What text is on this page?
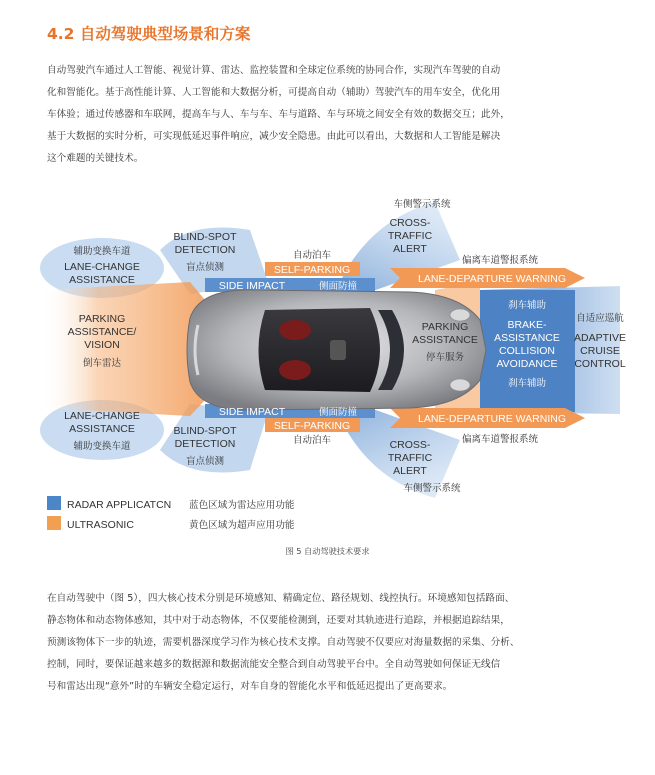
4.2 自动驾驶典型场景和方案
自动驾驶汽车通过人工智能、视觉计算、雷达、监控装置和全球定位系统的协同合作，实现汽车驾驶的自动
化和智能化。基于高性能计算、人工智能和大数据分析，可提高自动（辅助）驾驶汽车的用车安全，优化用
车体验；通过传感器和车联网，提高车与人、车与车、车与道路、车与环境之间安全有效的数据交互；此外，
基于大数据的实时分析，可实现低延迟事件响应，减少安全隐患。由此可以看出，大数据和人工智能是解决
这个难题的关键技术。
辅助变换车道
LANE-CHANGE
ASSISTANCE
BLIND-SPOT
DETECTION
盲点侦测
自动泊车
SELF-PARKING
SIDE IMPACT	侧面防撞
车侧警示系统
CROSS-
TRAFFIC
ALERT
偏离车道警报系统
LANE-DEPARTURE WARNING
PARKING
ASSISTANCE/
VISION
倒车雷达
PARKING
ASSISTANCE
停车服务
刹车辅助
BRAKE-
ASSISTANCE
COLLISION
AVOIDANCE
刹车辅助
自适应巡航
ADAPTIVE
CRUISE
CONTROL
SIDE IMPACT	侧面防撞
SELF-PARKING
自动泊车
LANE-DEPARTURE WARNING
偏离车道警报系统
LANE-CHANGE
ASSISTANCE
辅助变换车道
BLIND-SPOT
DETECTION
盲点侦测
CROSS-
TRAFFIC
ALERT
车侧警示系统
RADAR APPLICATCN 蓝色区域为雷达应用功能
ULTRASONIC	黄色区域为超声应用功能
图 5 自动驾驶技术要求
在自动驾驶中（图 5），四大核心技术分别是环境感知、精确定位、路径规划、线控执行。环境感知包括路面、
静态物体和动态物体感知，其中对于动态物体，不仅要能检测到，还要对其轨迹进行追踪，并根据追踪结果，
预测该物体下一步的轨迹，需要机器深度学习作为核心技术支撑。自动驾驶不仅要应对海量数据的采集、分析、
控制，同时，要保证越来越多的数据源和数据流能安全整合到自动驾驶平台中。全自动驾驶如何保证无线信
号和雷达出现“意外”时的车辆安全稳定运行，对车自身的智能化水平和低延迟提出了更高要求。
